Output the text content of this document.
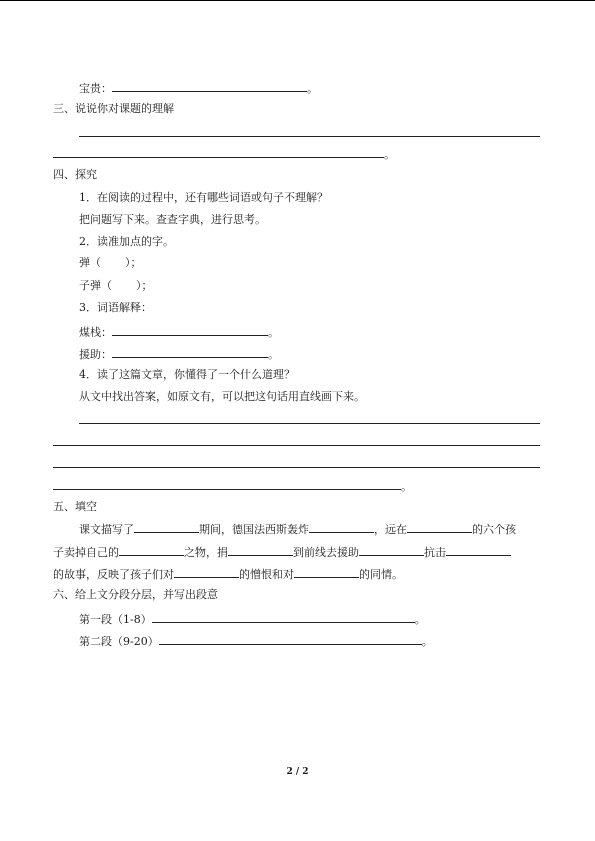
宝贵：	。
三、说说你对课题的理解
。
四、探究
1．在阅读的过程中，还有哪些词语或句子不理解？
把问题写下来。查查字典，进行思考。
2．读准加点的字。
弹（ ）；
子弹（ ）；
3．词语解释：
煤栈：	。
援助：	。
4．读了这篇文章，你懂得了一个什么道理？
从文中找出答案，如原文有，可以把这句话用直线画下来。
。
五、填空
课文描写了	期间，德国法西斯轰炸	，远在	的六个孩
子卖掉自己的	之物，捐	到前线去援助	抗击
的故事，反映了孩子们对	的憎恨和对	的同情。
六、给上文分段分层，并写出段意
第一段（1-8）	。
第二段（9-20）	。
2 / 2
